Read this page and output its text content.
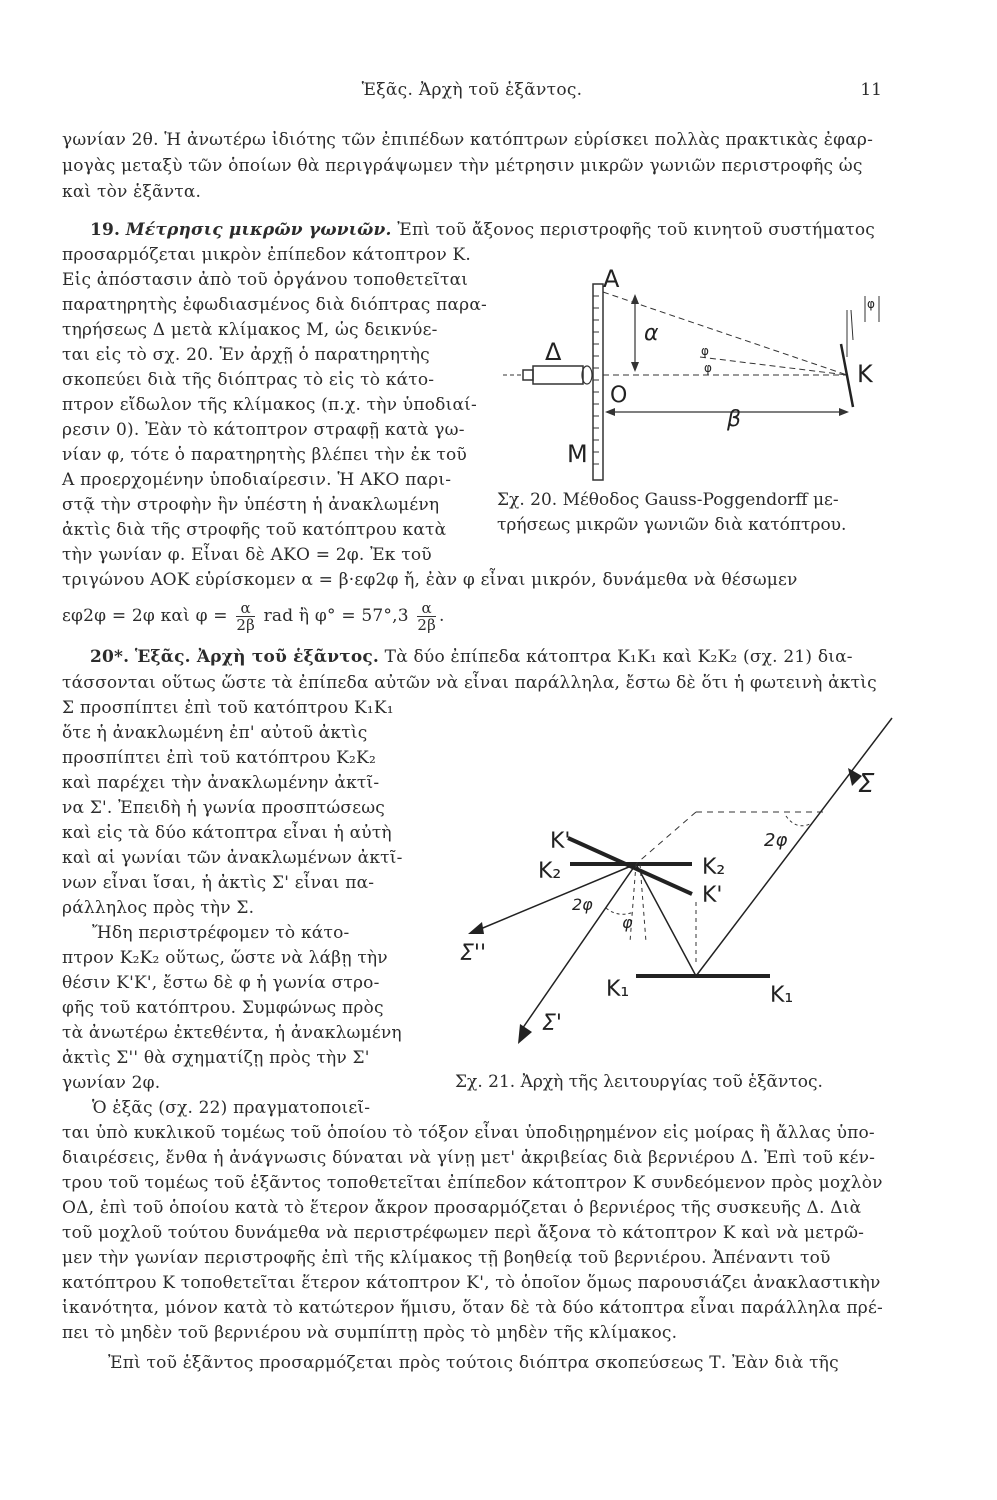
Ἑξᾶς. Ἀρχὴ τοῦ ἑξᾶντος.	11
γωνίαν 2θ. Ἡ ἀνωτέρω ἰδιότης τῶν ἐπιπέδων κατόπτρων εὑρίσκει πολλὰς πρακτικὰς ἐφαρ-
μογὰς μεταξὺ τῶν ὁποίων θὰ περιγράψωμεν τὴν μέτρησιν μικρῶν γωνιῶν περιστροφῆς ὡς
καὶ τὸν ἑξᾶντα.
19. Μέτρησις μικρῶν γωνιῶν. Ἐπὶ τοῦ ἄξονος περιστροφῆς τοῦ κινητοῦ συστήματος
προσαρμόζεται μικρὸν ἐπίπεδον κάτοπτρον Κ.
Εἰς ἀπόστασιν ἀπὸ τοῦ ὀργάνου τοποθετεῖται
παρατηρητὴς ἐφωδιασμένος διὰ διόπτρας παρα-
τηρήσεως Δ μετὰ κλίμακος Μ, ὡς δεικνύε-
ται εἰς τὸ σχ. 20. Ἐν ἀρχῇ ὁ παρατηρητὴς
σκοπεύει διὰ τῆς διόπτρας τὸ εἰς τὸ κάτο-
πτρον εἴδωλον τῆς κλίμακος (π.χ. τὴν ὑποδιαί-
ρεσιν 0). Ἐὰν τὸ κάτοπτρον στραφῇ κατὰ γω-
νίαν φ, τότε ὁ παρατηρητὴς βλέπει τὴν ἐκ τοῦ
Α προερχομένην ὑποδιαίρεσιν. Ἡ ΑΚΟ παρι-
στᾷ τὴν στροφὴν ἣν ὑπέστη ἡ ἀνακλωμένη
ἀκτὶς διὰ τῆς στροφῆς τοῦ κατόπτρου κατὰ
τὴν γωνίαν φ. Εἶναι δὲ ΑΚΟ = 2φ. Ἐκ τοῦ
τριγώνου ΑΟΚ εὑρίσκομεν α = β·εφ2φ ἤ, ἐὰν φ εἶναι μικρόν, δυνάμεθα νὰ θέσωμεν
εφ2φ = 2φ καὶ $\varphi = \frac{\alpha}{2\beta}$ rad ἢ $\varphi^\circ = 57^\circ,3 \frac{\alpha}{2\beta}$ .
Α
α
Δ
Ο
Μ
Κ
β
φ
φ
φ
Σχ. 20. Μέθοδος Gauss-Poggendorff με-
τρήσεως μικρῶν γωνιῶν διὰ κατόπτρου.
20*. Ἑξᾶς. Ἀρχὴ τοῦ ἑξᾶντος. Τὰ δύο ἐπίπεδα κάτοπτρα Κ₁Κ₁ καὶ Κ₂Κ₂ (σχ. 21) δια-
τάσσονται οὕτως ὥστε τὰ ἐπίπεδα αὐτῶν νὰ εἶναι παράλληλα, ἔστω δὲ ὅτι ἡ φωτεινὴ ἀκτὶς
Σ προσπίπτει ἐπὶ τοῦ κατόπτρου Κ₁Κ₁
ὅτε ἡ ἀνακλωμένη ἐπ' αὐτοῦ ἀκτὶς
προσπίπτει ἐπὶ τοῦ κατόπτρου Κ₂Κ₂
καὶ παρέχει τὴν ἀνακλωμένην ἀκτῖ-
να Σ'. Ἐπειδὴ ἡ γωνία προσπτώσεως
καὶ εἰς τὰ δύο κάτοπτρα εἶναι ἡ αὐτὴ
καὶ αἱ γωνίαι τῶν ἀνακλωμένων ἀκτῖ-
νων εἶναι ἴσαι, ἡ ἀκτὶς Σ' εἶναι πα-
ράλληλος πρὸς τὴν Σ.
Ἤδη περιστρέφομεν τὸ κάτο-
πτρον Κ₂Κ₂ οὕτως, ὥστε νὰ λάβῃ τὴν
θέσιν Κ'Κ', ἔστω δὲ φ ἡ γωνία στρο-
φῆς τοῦ κατόπτρου. Συμφώνως πρὸς
τὰ ἀνωτέρω ἐκτεθέντα, ἡ ἀνακλωμένη
ἀκτὶς Σ'' θὰ σχηματίζῃ πρὸς τὴν Σ'
γωνίαν 2φ.
Ὁ ἑξᾶς (σχ. 22) πραγματοποιεῖ-
ται ὑπὸ κυκλικοῦ τομέως τοῦ ὁποίου τὸ τόξον εἶναι ὑποδιῃρημένον εἰς μοίρας ἢ ἄλλας ὑπο-
διαιρέσεις, ἔνθα ἡ ἀνάγνωσις δύναται νὰ γίνῃ μετ' ἀκριβείας διὰ βερνιέρου Δ. Ἐπὶ τοῦ κέν-
τρου τοῦ τομέως τοῦ ἑξᾶντος τοποθετεῖται ἐπίπεδον κάτοπτρον Κ συνδεόμενον πρὸς μοχλὸν
ΟΔ, ἐπὶ τοῦ ὁποίου κατὰ τὸ ἕτερον ἄκρον προσαρμόζεται ὁ βερνιέρος τῆς συσκευῆς Δ. Διὰ
τοῦ μοχλοῦ τούτου δυνάμεθα νὰ περιστρέφωμεν περὶ ἄξονα τὸ κάτοπτρον Κ καὶ νὰ μετρῶ-
μεν τὴν γωνίαν περιστροφῆς ἐπὶ τῆς κλίμακος τῇ βοηθείᾳ τοῦ βερνιέρου. Ἀπέναντι τοῦ
κατόπτρου Κ τοποθετεῖται ἕτερον κάτοπτρον Κ', τὸ ὁποῖον ὅμως παρουσιάζει ἀνακλαστικὴν
ἱκανότητα, μόνον κατὰ τὸ κατώτερον ἥμισυ, ὅταν δὲ τὰ δύο κάτοπτρα εἶναι παράλληλα πρέ-
πει τὸ μηδὲν τοῦ βερνιέρου νὰ συμπίπτῃ πρὸς τὸ μηδὲν τῆς κλίμακος.
Ἐπὶ τοῦ ἑξᾶντος προσαρμόζεται πρὸς τούτοις διόπτρα σκοπεύσεως Τ. Ἐὰν διὰ τῆς
Σ
2φ
Κ'
Κ₂	Κ₂
Κ'
2φ
φ
Σ''
Σ'
Κ₁	Κ₁
Σχ. 21. Ἀρχὴ τῆς λειτουργίας τοῦ ἑξᾶντος.
